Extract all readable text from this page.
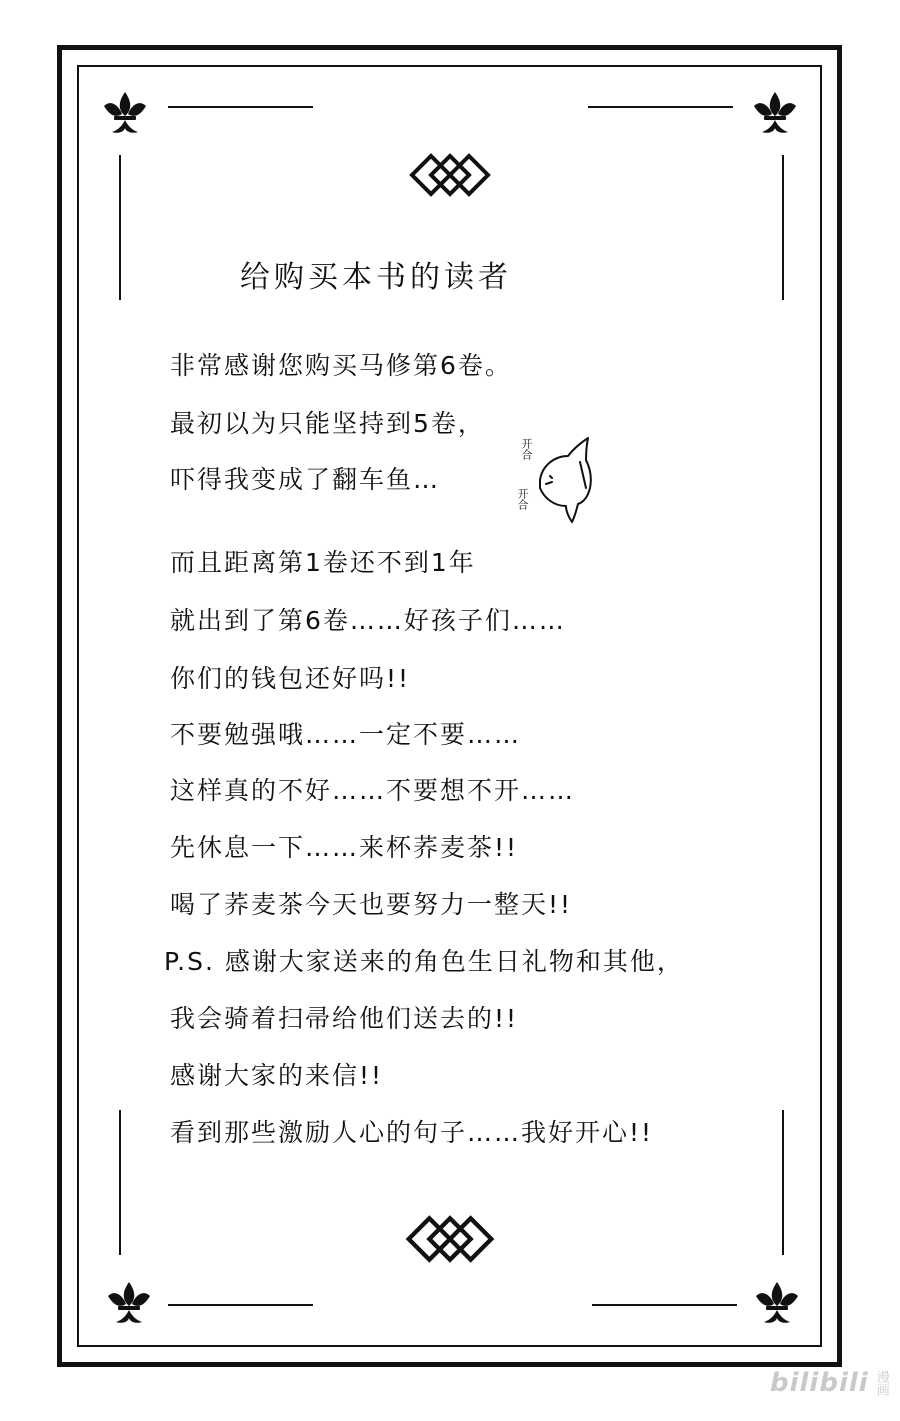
给购买本书的读者
非常感谢您购买马修第6卷。
最初以为只能坚持到5卷，
吓得我变成了翻车鱼…
而且距离第1卷还不到1年
就出到了第6卷……好孩子们……
你们的钱包还好吗!!
不要勉强哦……一定不要……
这样真的不好……不要想不开……
先休息一下……来杯荞麦茶!!
喝了荞麦茶今天也要努力一整天!!
P.S. 感谢大家送来的角色生日礼物和其他，
我会骑着扫帚给他们送去的!!
感谢大家的来信!!
看到那些激励人心的句子……我好开心!!
开合
开合
bilibili 漫画
